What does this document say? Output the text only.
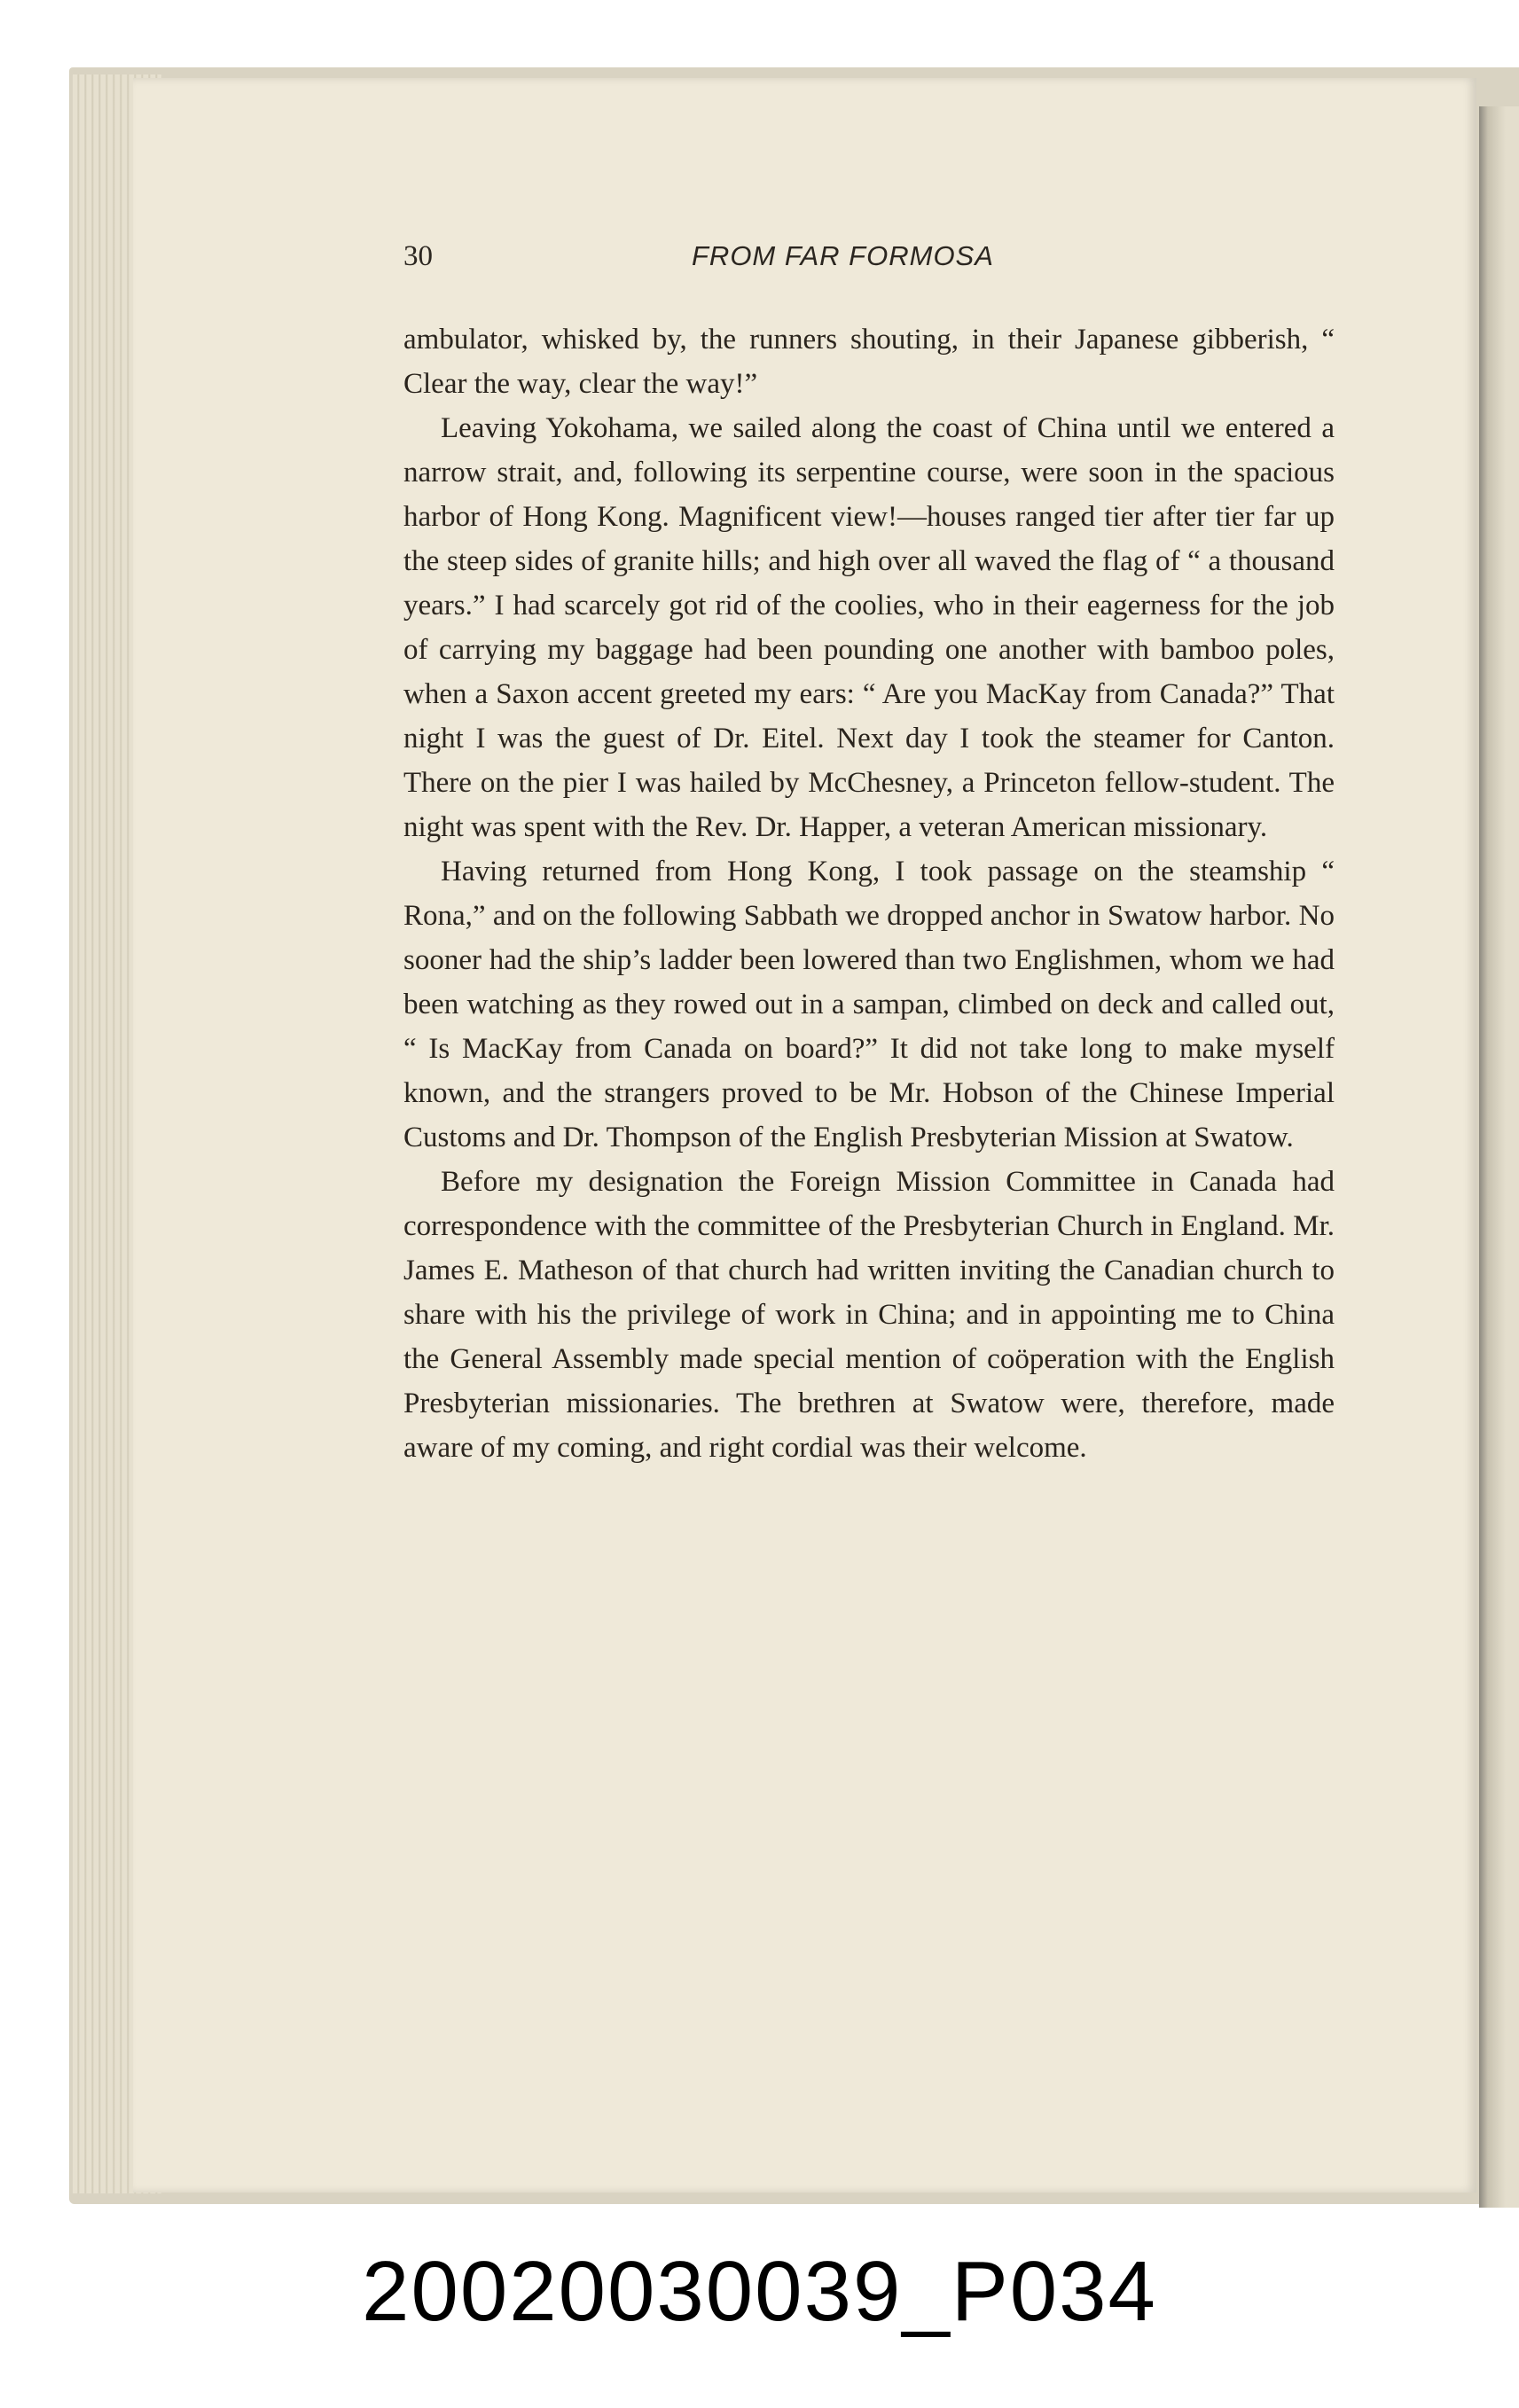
30	FROM FAR FORMOSA

ambulator, whisked by, the runners shouting, in their Japanese gibberish, “ Clear the way, clear the way!”

Leaving Yokohama, we sailed along the coast of China until we entered a narrow strait, and, following its serpentine course, were soon in the spacious harbor of Hong Kong. Magnificent view!—houses ranged tier after tier far up the steep sides of granite hills; and high over all waved the flag of “ a thousand years.” I had scarcely got rid of the coolies, who in their eagerness for the job of carrying my baggage had been pounding one another with bamboo poles, when a Saxon accent greeted my ears: “ Are you MacKay from Canada?” That night I was the guest of Dr. Eitel. Next day I took the steamer for Canton. There on the pier I was hailed by McChesney, a Princeton fellow-student. The night was spent with the Rev. Dr. Happer, a veteran American missionary.

Having returned from Hong Kong, I took passage on the steamship “ Rona,” and on the following Sabbath we dropped anchor in Swatow harbor. No sooner had the ship’s ladder been lowered than two Englishmen, whom we had been watching as they rowed out in a sampan, climbed on deck and called out, “ Is MacKay from Canada on board?” It did not take long to make myself known, and the strangers proved to be Mr. Hobson of the Chinese Imperial Customs and Dr. Thompson of the English Presbyterian Mission at Swatow.

Before my designation the Foreign Mission Committee in Canada had correspondence with the committee of the Presbyterian Church in England. Mr. James E. Matheson of that church had written inviting the Canadian church to share with his the privilege of work in China; and in appointing me to China the General Assembly made special mention of coöperation with the English Presbyterian missionaries. The brethren at Swatow were, therefore, made aware of my coming, and right cordial was their welcome.

20020030039_P034
